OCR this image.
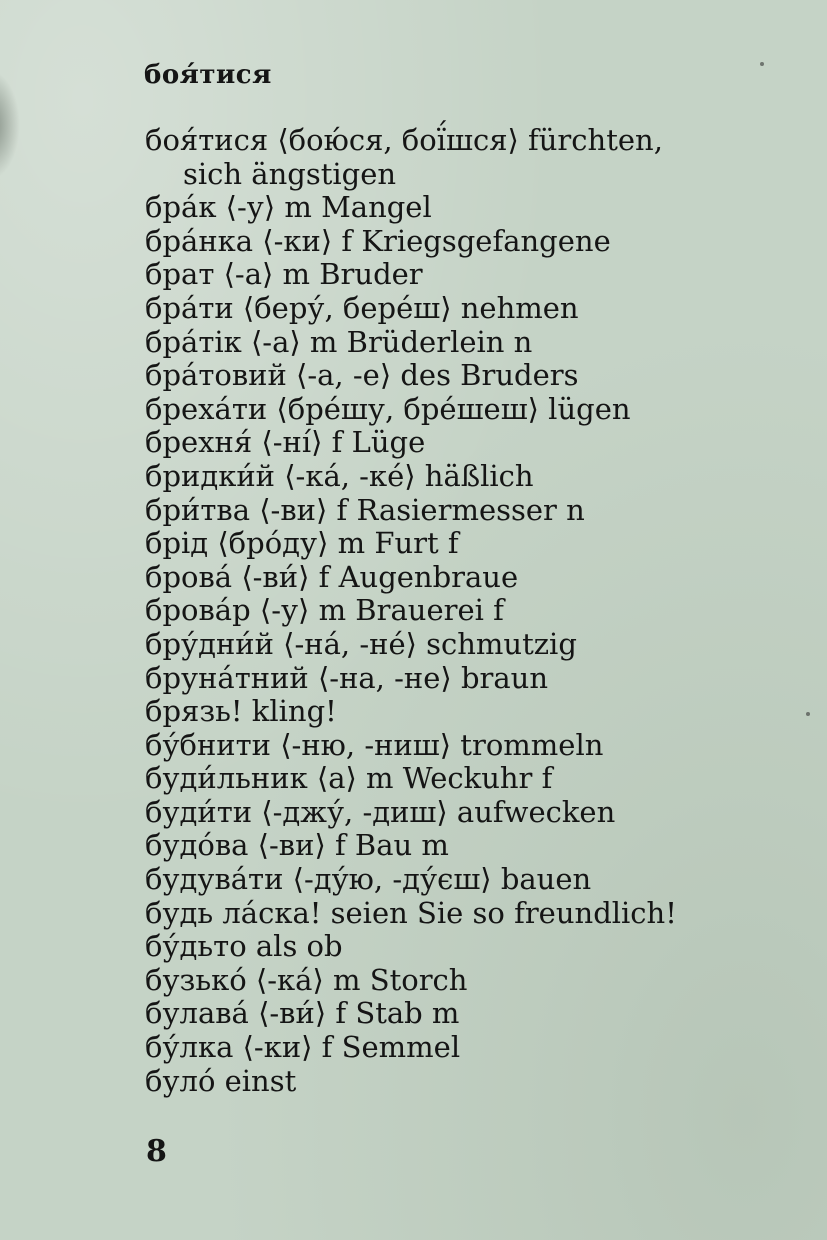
боя́тися
боя́тися ⟨бою́ся, бої́шся⟩ fürchten,
sich ängstigen
бра́к ⟨-у⟩ m Mangel
бра́нка ⟨-ки⟩ f Kriegsgefangene
брат ⟨-а⟩ m Bruder
бра́ти ⟨беру́, бере́ш⟩ nehmen
бра́тік ⟨-а⟩ m Brüderlein n
бра́товий ⟨-а, -е⟩ des Bruders
бреха́ти ⟨бре́шу, бре́шеш⟩ lügen
брехня́ ⟨-ні́⟩ f Lüge
бридки́й ⟨-ка́, -ке́⟩ häßlich
бри́тва ⟨-ви⟩ f Rasiermesser n
брід ⟨бро́ду⟩ m Furt f
брова́ ⟨-ви́⟩ f Augenbraue
брова́р ⟨-у⟩ m Brauerei f
бру́дни́й ⟨-на́, -не́⟩ schmutzig
бруна́тний ⟨-на, -не⟩ braun
брязь! kling!
бу́бнити ⟨-ню, -ниш⟩ trommeln
буди́льник ⟨а⟩ m Weckuhr f
буди́ти ⟨-джу́, -диш⟩ aufwecken
будо́ва ⟨-ви⟩ f Bau m
будува́ти ⟨-ду́ю, -ду́єш⟩ bauen
будь ла́ска! seien Sie so freundlich!
бу́дьто als ob
бузько́ ⟨-ка́⟩ m Storch
булава́ ⟨-ви́⟩ f Stab m
бу́лка ⟨-ки⟩ f Semmel
було́ einst
8
